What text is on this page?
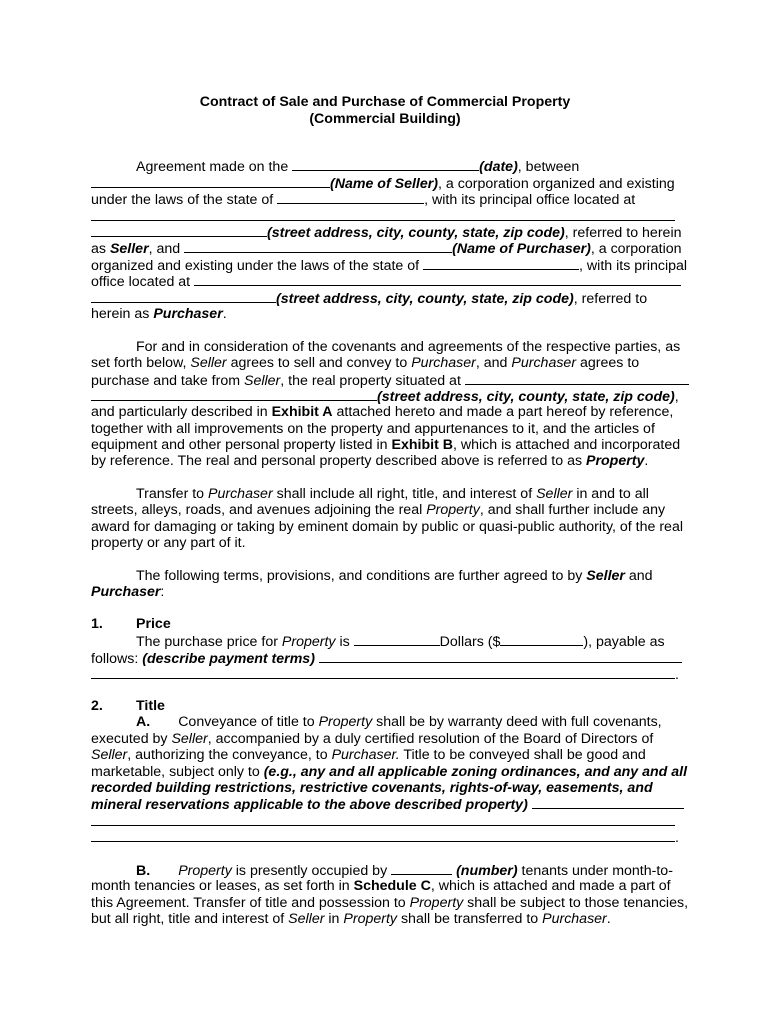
Contract of Sale and Purchase of Commercial Property
(Commercial Building)
Agreement made on the	(date), between
(Name of Seller), a corporation organized and existing
under the laws of the state of	, with its principal office located at
(street address, city, county, state, zip code), referred to herein
as Seller, and	(Name of Purchaser), a corporation
organized and existing under the laws of the state of	, with its principal
office located at
(street address, city, county, state, zip code), referred to
herein as Purchaser.
For and in consideration of the covenants and agreements of the respective parties, as
set forth below, Seller agrees to sell and convey to Purchaser, and Purchaser agrees to
purchase and take from Seller, the real property situated at
(street address, city, county, state, zip code),
and particularly described in Exhibit A attached hereto and made a part hereof by reference,
together with all improvements on the property and appurtenances to it, and the articles of
equipment and other personal property listed in Exhibit B, which is attached and incorporated
by reference. The real and personal property described above is referred to as Property.
Transfer to Purchaser shall include all right, title, and interest of Seller in and to all
streets, alleys, roads, and avenues adjoining the real Property, and shall further include any
award for damaging or taking by eminent domain by public or quasi-public authority, of the real
property or any part of it.
The following terms, provisions, and conditions are further agreed to by Seller and
Purchaser:
1. Price
The purchase price for Property is	Dollars ($	), payable as
follows: (describe payment terms)
.
2. Title
A. Conveyance of title to Property shall be by warranty deed with full covenants,
executed by Seller, accompanied by a duly certified resolution of the Board of Directors of
Seller, authorizing the conveyance, to Purchaser. Title to be conveyed shall be good and
marketable, subject only to (e.g., any and all applicable zoning ordinances, and any and all
recorded building restrictions, restrictive covenants, rights-of-way, easements, and
mineral reservations applicable to the above described property)
.
B. Property is presently occupied by	(number) tenants under month-to-
month tenancies or leases, as set forth in Schedule C, which is attached and made a part of
this Agreement. Transfer of title and possession to Property shall be subject to those tenancies,
but all right, title and interest of Seller in Property shall be transferred to Purchaser.
